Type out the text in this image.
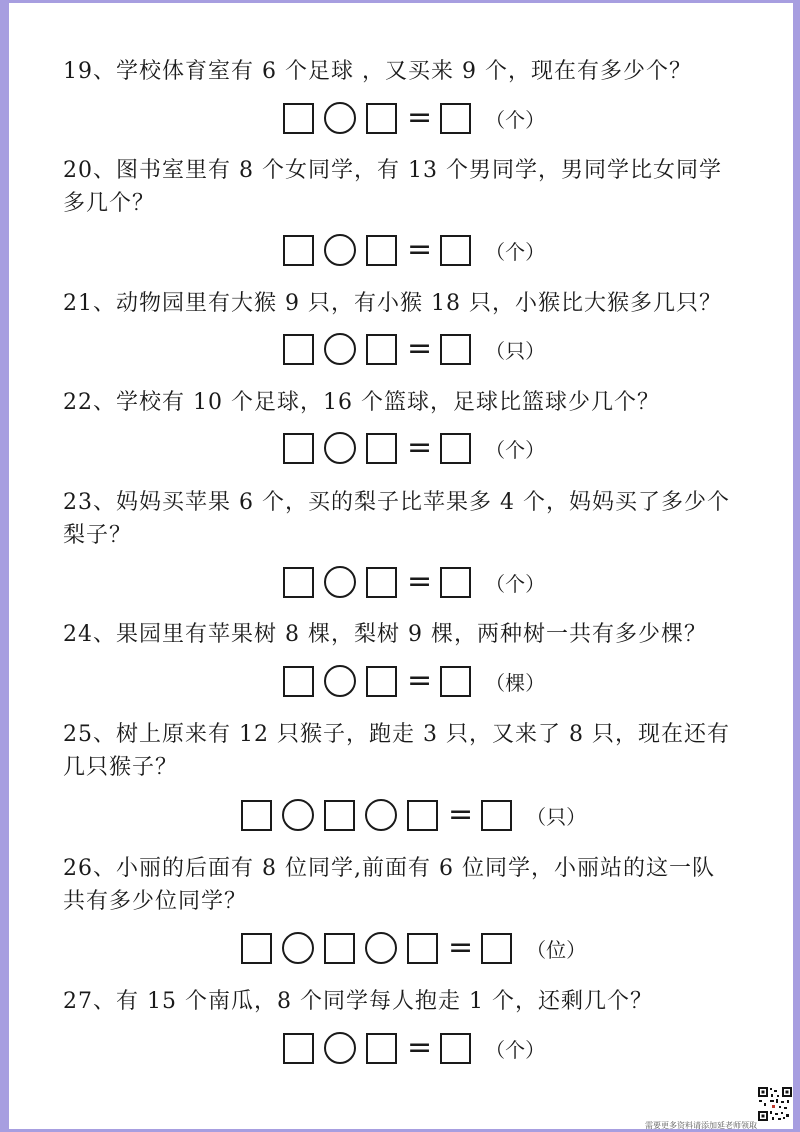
19、学校体育室有 6 个足球 ，又买来 9 个，现在有多少个？
=	（个）
20、图书室里有 8 个女同学，有 13 个男同学，男同学比女同学
多几个？
=	（个）
21、动物园里有大猴 9 只，有小猴 18 只，小猴比大猴多几只？
=	（只）
22、学校有 10 个足球，16 个篮球，足球比篮球少几个？
=	（个）
23、妈妈买苹果 6 个，买的梨子比苹果多 4 个，妈妈买了多少个
梨子？
=	（个）
24、果园里有苹果树 8 棵，梨树 9 棵，两种树一共有多少棵？
=	（棵）
25、树上原来有 12 只猴子，跑走 3 只，又来了 8 只，现在还有
几只猴子？
=	（只）
26、小丽的后面有 8 位同学,前面有 6 位同学，小丽站的这一队
共有多少位同学？
=	（位）
27、有 15 个南瓜，8 个同学每人抱走 1 个，还剩几个？
=	（个）
需要更多资料请添加延老师领取
